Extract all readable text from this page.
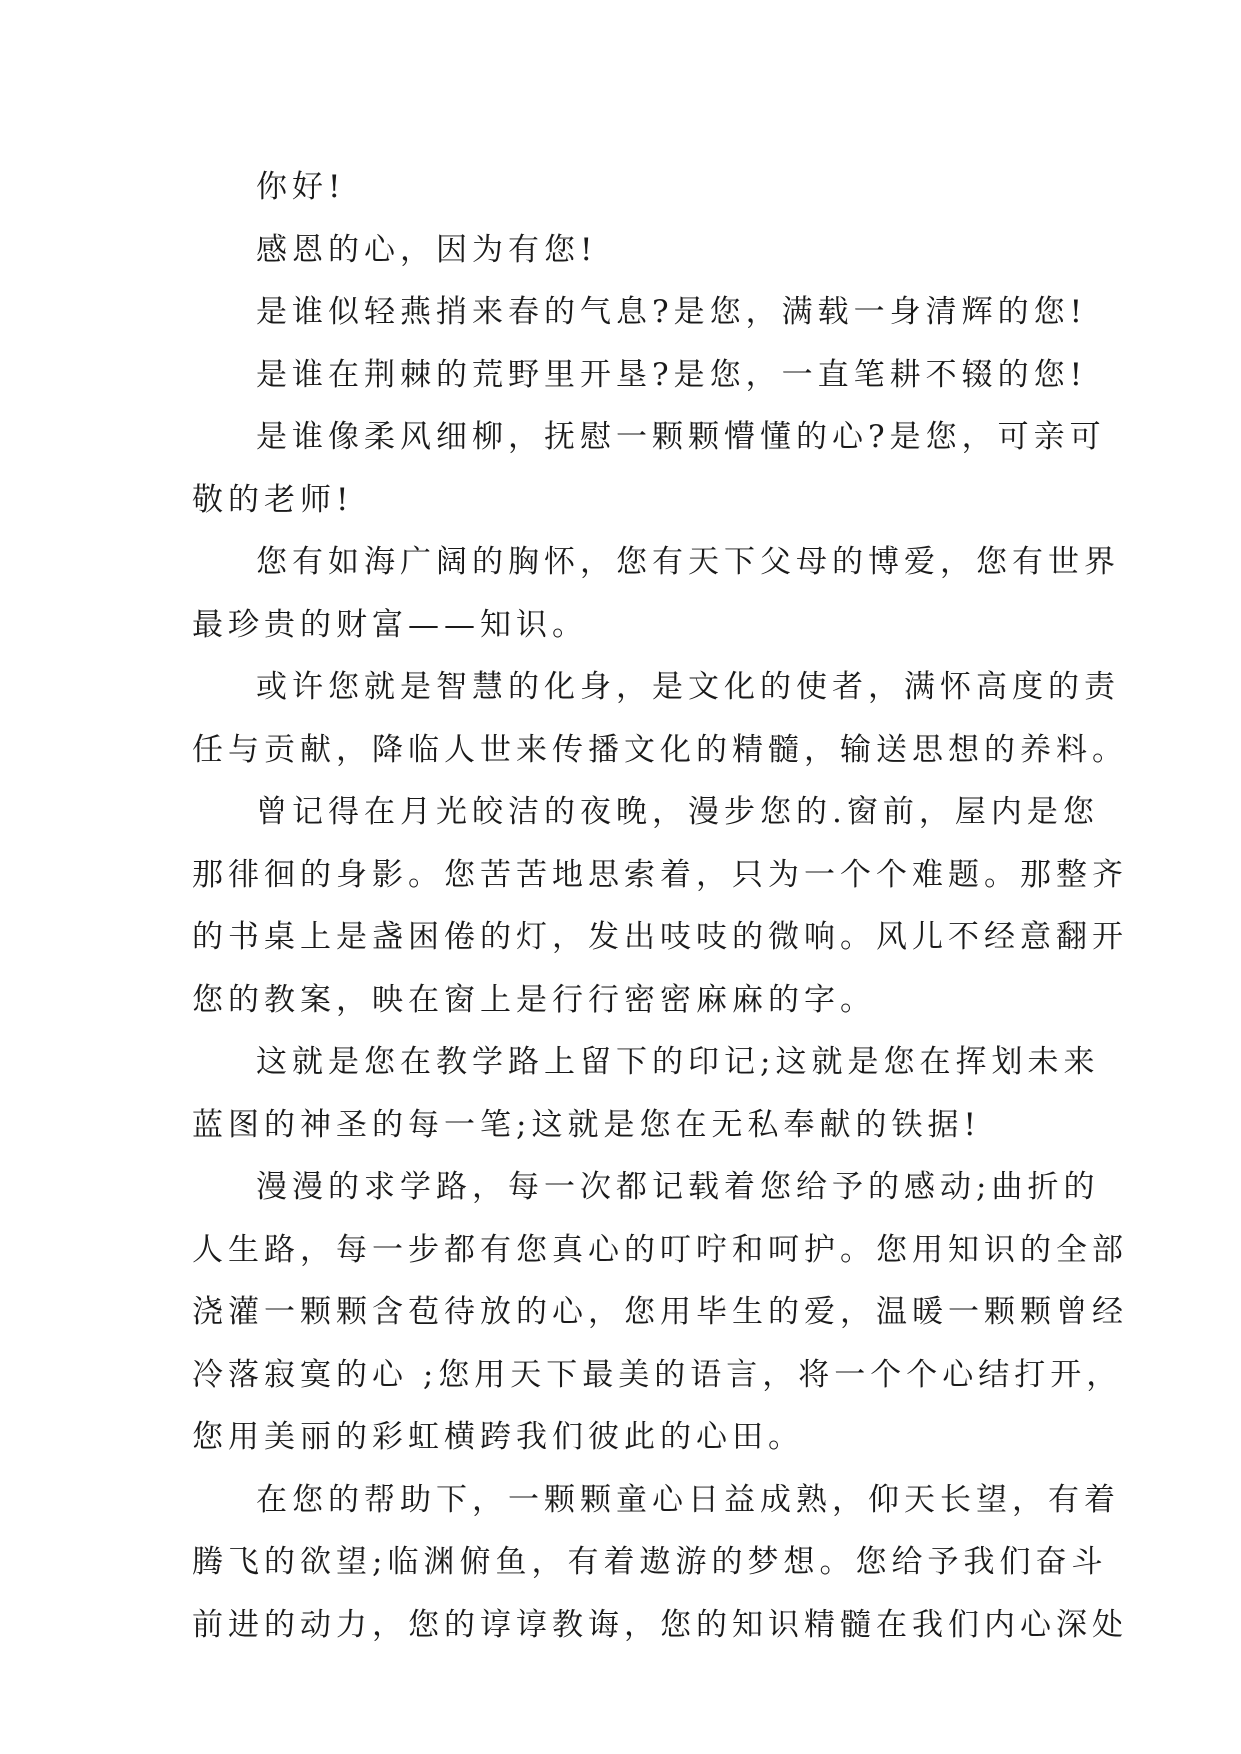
你好!
感恩的心，因为有您!
是谁似轻燕捎来春的气息?是您，满载一身清辉的您!
是谁在荆棘的荒野里开垦?是您，一直笔耕不辍的您!
是谁像柔风细柳，抚慰一颗颗懵懂的心?是您，可亲可
敬的老师!
您有如海广阔的胸怀，您有天下父母的博爱，您有世界
最珍贵的财富——知识。
或许您就是智慧的化身，是文化的使者，满怀高度的责
任与贡献，降临人世来传播文化的精髓，输送思想的养料。
曾记得在月光皎洁的夜晚，漫步您的.窗前，屋内是您
那徘徊的身影。您苦苦地思索着，只为一个个难题。那整齐
的书桌上是盏困倦的灯，发出吱吱的微响。风儿不经意翻开
您的教案，映在窗上是行行密密麻麻的字。
这就是您在教学路上留下的印记;这就是您在挥划未来
蓝图的神圣的每一笔;这就是您在无私奉献的铁据!
漫漫的求学路，每一次都记载着您给予的感动;曲折的
人生路，每一步都有您真心的叮咛和呵护。您用知识的全部
浇灌一颗颗含苞待放的心，您用毕生的爱，温暖一颗颗曾经
冷落寂寞的心 ;您用天下最美的语言，将一个个心结打开，
您用美丽的彩虹横跨我们彼此的心田。
在您的帮助下，一颗颗童心日益成熟，仰天长望，有着
腾飞的欲望;临渊俯鱼，有着遨游的梦想。您给予我们奋斗
前进的动力，您的谆谆教诲，您的知识精髓在我们内心深处
